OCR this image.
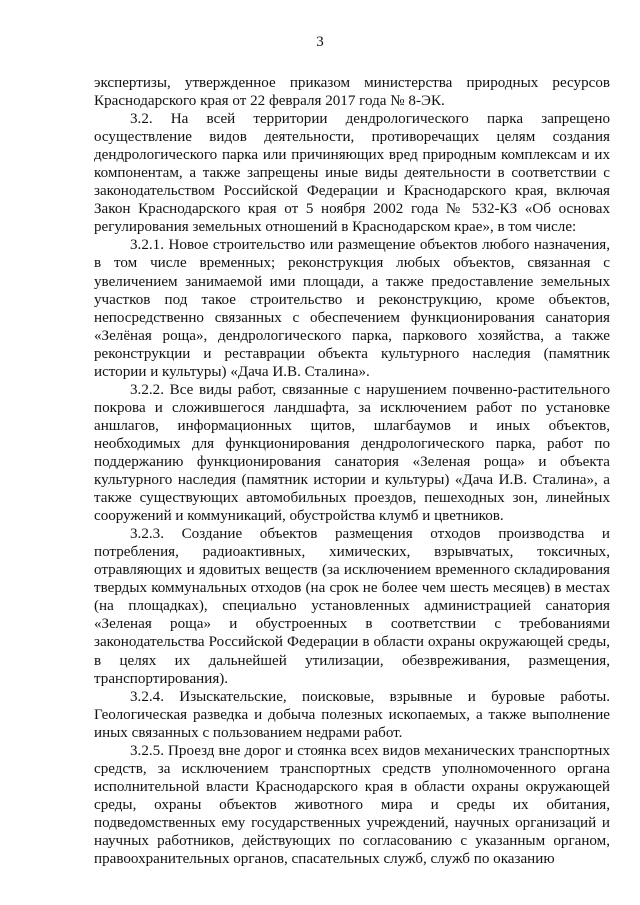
3

экспертизы, утвержденное приказом министерства природных ресурсов Краснодарского края от 22 февраля 2017 года № 8-ЭК.

3.2. На всей территории дендрологического парка запрещено осуществление видов деятельности, противоречащих целям создания дендрологического парка или причиняющих вред природным комплексам и их компонентам, а также запрещены иные виды деятельности в соответствии с законодательством Российской Федерации и Краснодарского края, включая Закон Краснодарского края от 5 ноября 2002 года № 532-КЗ «Об основах регулирования земельных отношений в Краснодарском крае», в том числе:

3.2.1. Новое строительство или размещение объектов любого назначения, в том числе временных; реконструкция любых объектов, связанная с увеличением занимаемой ими площади, а также предоставление земельных участков под такое строительство и реконструкцию, кроме объектов, непосредственно связанных с обеспечением функционирования санатория «Зелёная роща», дендрологического парка, паркового хозяйства, а также реконструкции и реставрации объекта культурного наследия (памятник истории и культуры) «Дача И.В. Сталина».

3.2.2. Все виды работ, связанные с нарушением почвенно-растительного покрова и сложившегося ландшафта, за исключением работ по установке аншлагов, информационных щитов, шлагбаумов и иных объектов, необходимых для функционирования дендрологического парка, работ по поддержанию функционирования санатория «Зеленая роща» и объекта культурного наследия (памятник истории и культуры) «Дача И.В. Сталина», а также существующих автомобильных проездов, пешеходных зон, линейных сооружений и коммуникаций, обустройства клумб и цветников.

3.2.3. Создание объектов размещения отходов производства и потребления, радиоактивных, химических, взрывчатых, токсичных, отравляющих и ядовитых веществ (за исключением временного складирования твердых коммунальных отходов (на срок не более чем шесть месяцев) в местах (на площадках), специально установленных администрацией санатория «Зеленая роща» и обустроенных в соответствии с требованиями законодательства Российской Федерации в области охраны окружающей среды, в целях их дальнейшей утилизации, обезвреживания, размещения, транспортирования).

3.2.4. Изыскательские, поисковые, взрывные и буровые работы. Геологическая разведка и добыча полезных ископаемых, а также выполнение иных связанных с пользованием недрами работ.

3.2.5. Проезд вне дорог и стоянка всех видов механических транспортных средств, за исключением транспортных средств уполномоченного органа исполнительной власти Краснодарского края в области охраны окружающей среды, охраны объектов животного мира и среды их обитания, подведомственных ему государственных учреждений, научных организаций и научных работников, действующих по согласованию с указанным органом, правоохранительных органов, спасательных служб, служб по оказанию
